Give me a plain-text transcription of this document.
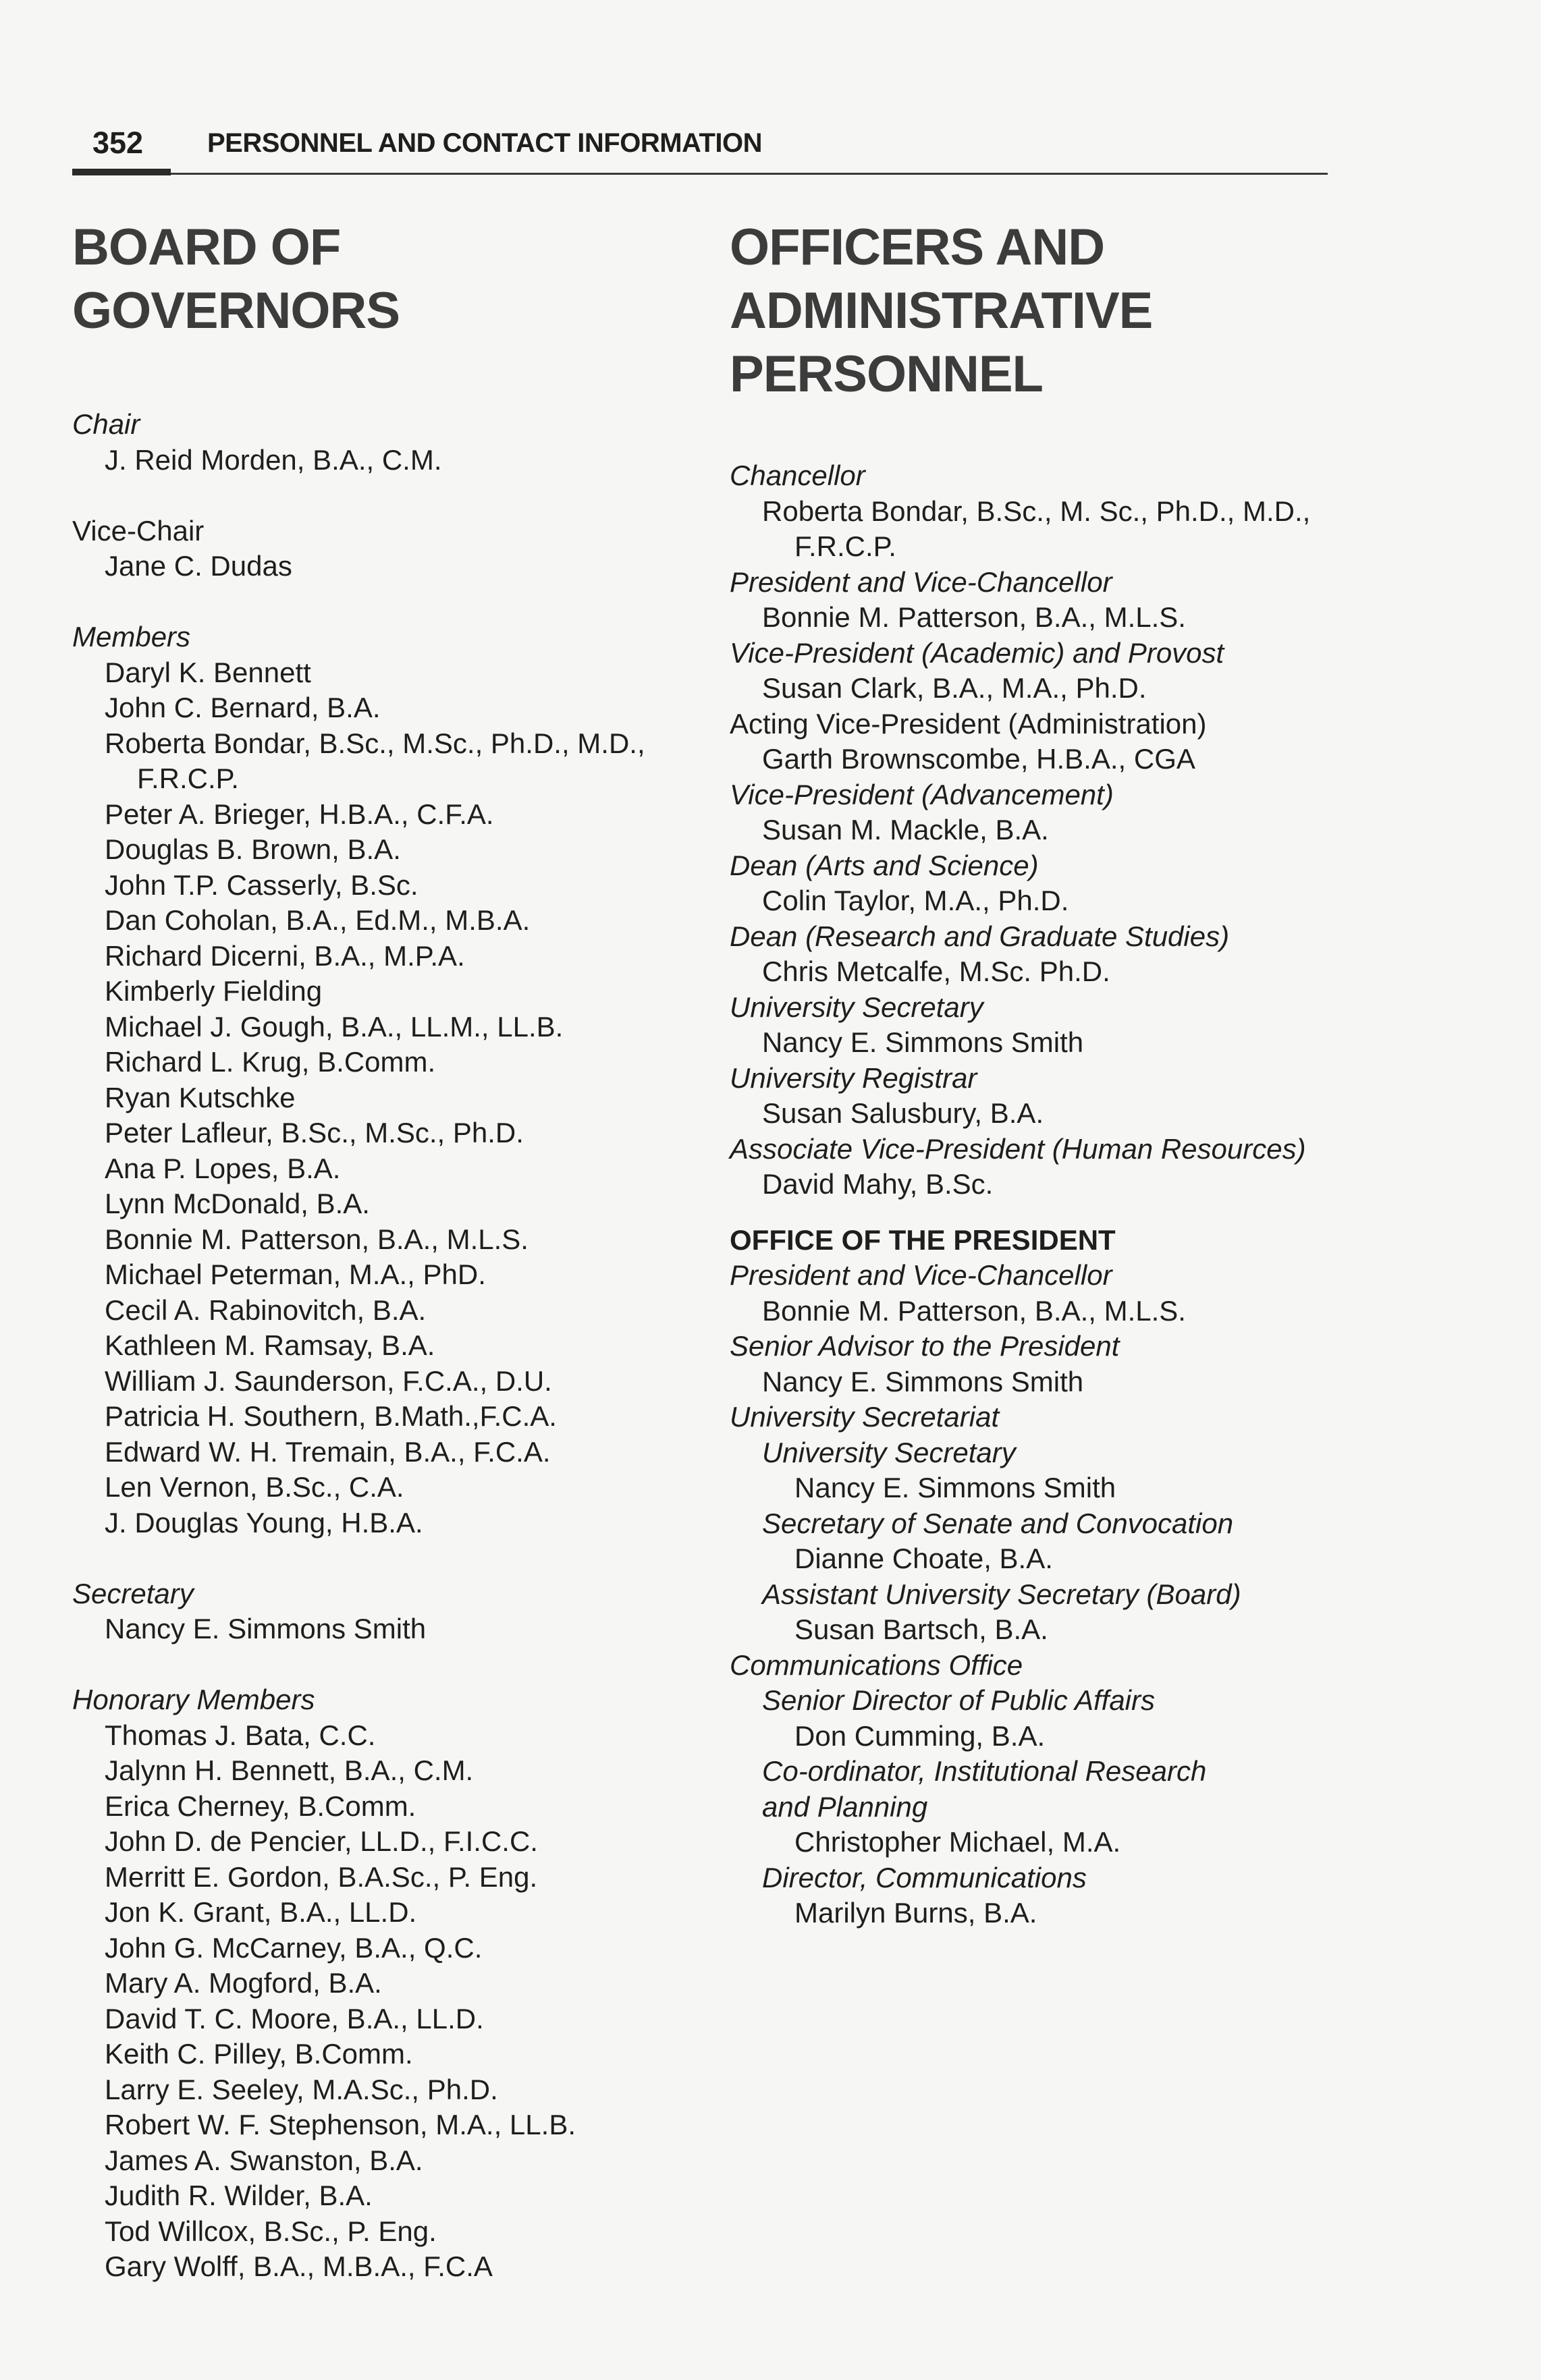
352 PERSONNEL AND CONTACT INFORMATION
BOARD OF
GOVERNORS
Chair
J. Reid Morden, B.A., C.M.
Vice-Chair
Jane C. Dudas
Members
Daryl K. Bennett
John C. Bernard, B.A.
Roberta Bondar, B.Sc., M.Sc., Ph.D., M.D.,
F.R.C.P.
Peter A. Brieger, H.B.A., C.F.A.
Douglas B. Brown, B.A.
John T.P. Casserly, B.Sc.
Dan Coholan, B.A., Ed.M., M.B.A.
Richard Dicerni, B.A., M.P.A.
Kimberly Fielding
Michael J. Gough, B.A., LL.M., LL.B.
Richard L. Krug, B.Comm.
Ryan Kutschke
Peter Lafleur, B.Sc., M.Sc., Ph.D.
Ana P. Lopes, B.A.
Lynn McDonald, B.A.
Bonnie M. Patterson, B.A., M.L.S.
Michael Peterman, M.A., PhD.
Cecil A. Rabinovitch, B.A.
Kathleen M. Ramsay, B.A.
William J. Saunderson, F.C.A., D.U.
Patricia H. Southern, B.Math.,F.C.A.
Edward W. H. Tremain, B.A., F.C.A.
Len Vernon, B.Sc., C.A.
J. Douglas Young, H.B.A.
Secretary
Nancy E. Simmons Smith
Honorary Members
Thomas J. Bata, C.C.
Jalynn H. Bennett, B.A., C.M.
Erica Cherney, B.Comm.
John D. de Pencier, LL.D., F.I.C.C.
Merritt E. Gordon, B.A.Sc., P. Eng.
Jon K. Grant, B.A., LL.D.
John G. McCarney, B.A., Q.C.
Mary A. Mogford, B.A.
David T. C. Moore, B.A., LL.D.
Keith C. Pilley, B.Comm.
Larry E. Seeley, M.A.Sc., Ph.D.
Robert W. F. Stephenson, M.A., LL.B.
James A. Swanston, B.A.
Judith R. Wilder, B.A.
Tod Willcox, B.Sc., P. Eng.
Gary Wolff, B.A., M.B.A., F.C.A
OFFICERS AND
ADMINISTRATIVE
PERSONNEL
Chancellor
Roberta Bondar, B.Sc., M. Sc., Ph.D., M.D.,
F.R.C.P.
President and Vice-Chancellor
Bonnie M. Patterson, B.A., M.L.S.
Vice-President (Academic) and Provost
Susan Clark, B.A., M.A., Ph.D.
Acting Vice-President (Administration)
Garth Brownscombe, H.B.A., CGA
Vice-President (Advancement)
Susan M. Mackle, B.A.
Dean (Arts and Science)
Colin Taylor, M.A., Ph.D.
Dean (Research and Graduate Studies)
Chris Metcalfe, M.Sc. Ph.D.
University Secretary
Nancy E. Simmons Smith
University Registrar
Susan Salusbury, B.A.
Associate Vice-President (Human Resources)
David Mahy, B.Sc.
OFFICE OF THE PRESIDENT
President and Vice-Chancellor
Bonnie M. Patterson, B.A., M.L.S.
Senior Advisor to the President
Nancy E. Simmons Smith
University Secretariat
University Secretary
Nancy E. Simmons Smith
Secretary of Senate and Convocation
Dianne Choate, B.A.
Assistant University Secretary (Board)
Susan Bartsch, B.A.
Communications Office
Senior Director of Public Affairs
Don Cumming, B.A.
Co-ordinator, Institutional Research
and Planning
Christopher Michael, M.A.
Director, Communications
Marilyn Burns, B.A.
